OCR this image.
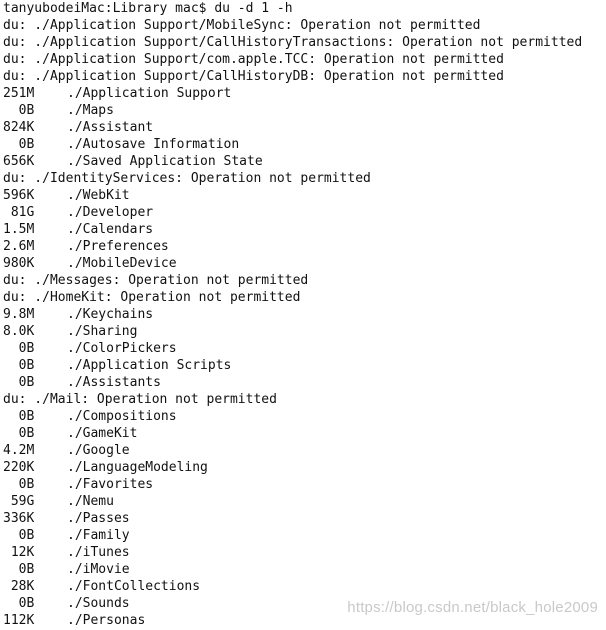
tanyubodeiMac:Library mac$ du -d 1 -h
du: ./Application Support/MobileSync: Operation not permitted
du: ./Application Support/CallHistoryTransactions: Operation not permitted
du: ./Application Support/com.apple.TCC: Operation not permitted
du: ./Application Support/CallHistoryDB: Operation not permitted
251M	./Application Support
0B	./Maps
824K	./Assistant
0B	./Autosave Information
656K	./Saved Application State
du: ./IdentityServices: Operation not permitted
596K	./WebKit
81G	./Developer
1.5M	./Calendars
2.6M	./Preferences
980K	./MobileDevice
du: ./Messages: Operation not permitted
du: ./HomeKit: Operation not permitted
9.8M	./Keychains
8.0K	./Sharing
0B	./ColorPickers
0B	./Application Scripts
0B	./Assistants
du: ./Mail: Operation not permitted
0B	./Compositions
0B	./GameKit
4.2M	./Google
220K	./LanguageModeling
0B	./Favorites
59G	./Nemu
336K	./Passes
0B	./Family
12K	./iTunes
0B	./iMovie
28K	./FontCollections
0B	./Sounds
112K	./Personas
https://blog.csdn.net/black_hole2009
